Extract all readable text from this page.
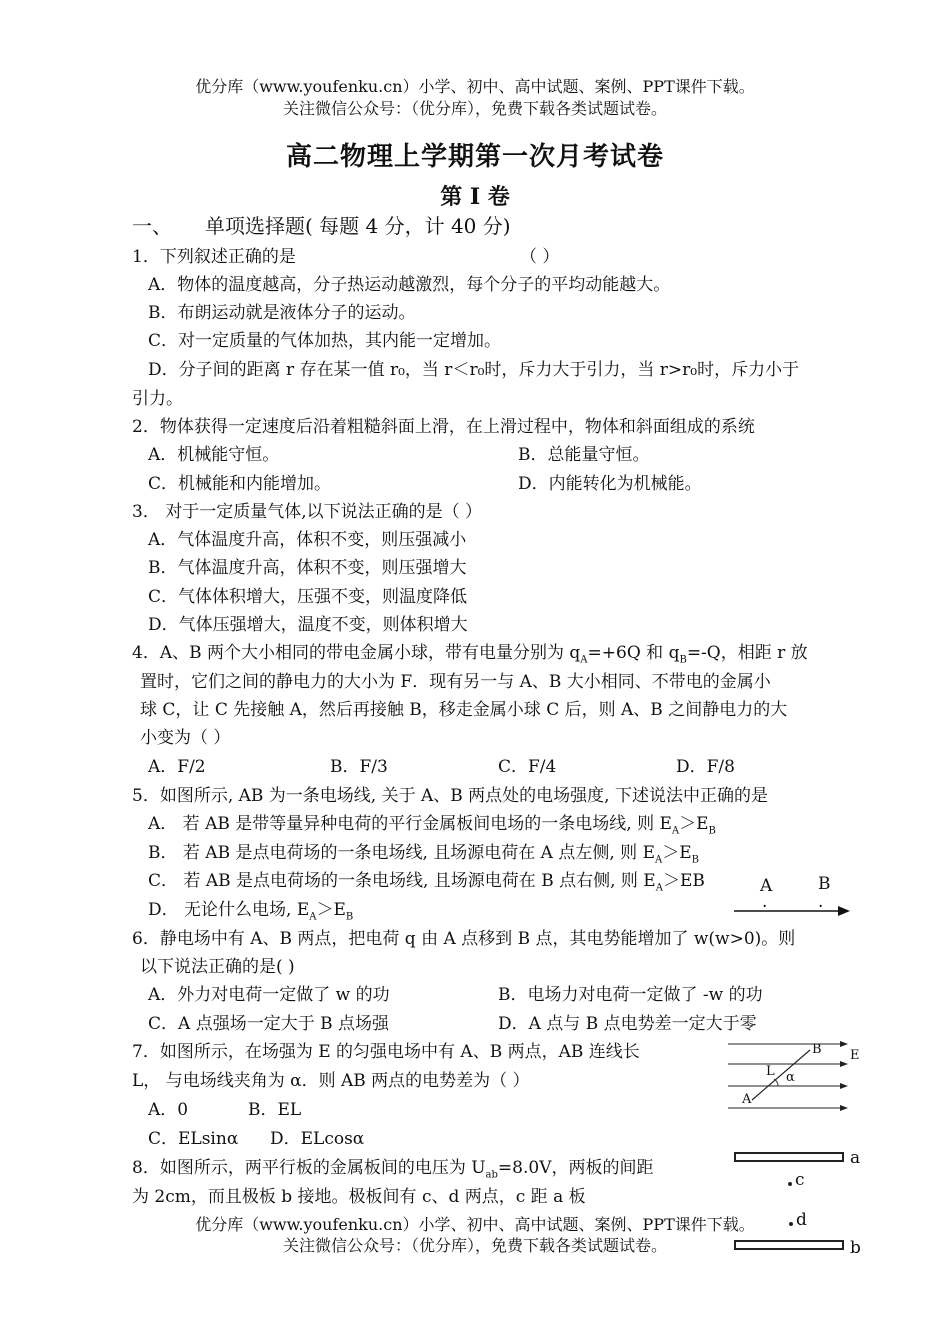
优分库（www.youfenku.cn）小学、初中、高中试题、案例、PPT课件下载。
关注微信公众号：（优分库），免费下载各类试题试卷。
高二物理上学期第一次月考试卷
第 I 卷
一、 单项选择题( 每题 4 分，计 40 分)
1．下列叙述正确的是	（ ）
A．物体的温度越高，分子热运动越激烈，每个分子的平均动能越大。
B．布朗运动就是液体分子的运动。
C．对一定质量的气体加热，其内能一定增加。
D．分子间的距离 r 存在某一值 r₀，当 r＜r₀时，斥力大于引力，当 r>r₀时，斥力小于
引力。
2．物体获得一定速度后沿着粗糙斜面上滑，在上滑过程中，物体和斜面组成的系统
A．机械能守恒。	B．总能量守恒。
C．机械能和内能增加。	D．内能转化为机械能。
3． 对于一定质量气体,以下说法正确的是（ ）
A．气体温度升高，体积不变，则压强减小
B．气体温度升高，体积不变，则压强增大
C．气体体积增大，压强不变，则温度降低
D．气体压强增大，温度不变，则体积增大
4．A、B 两个大小相同的带电金属小球，带有电量分别为 $q_A=+6Q$ 和 $q_B=-Q$，相距 r 放
置时，它们之间的静电力的大小为 F．现有另一与 A、B 大小相同、不带电的金属小
球 C，让 C 先接触 A，然后再接触 B，移走金属小球 C 后，则 A、B 之间静电力的大
小变为（ ）
A．F/2	B．F/3	C．F/4	D．F/8
5．如图所示, AB 为一条电场线, 关于 A、B 两点处的电场强度, 下述说法中正确的是
A． 若 AB 是带等量异种电荷的平行金属板间电场的一条电场线, 则 $E_A>E_B$
B． 若 AB 是点电荷场的一条电场线, 且场源电荷在 A 点左侧, 则 $E_A>E_B$
C． 若 AB 是点电荷场的一条电场线, 且场源电荷在 B 点右侧, 则 $E_A>EB$
D． 无论什么电场, $E_A>E_B$
A	B
.	.
6．静电场中有 A、B 两点，把电荷 q 由 A 点移到 B 点，其电势能增加了 w(w>0)。则
以下说法正确的是( )
A．外力对电荷一定做了 w 的功	B．电场力对电荷一定做了 -w 的功
C．A 点强场一定大于 B 点场强	D．A 点与 B 点电势差一定大于零
7．如图所示，在场强为 E 的匀强电场中有 A、B 两点，AB 连线长
L， 与电场线夹角为 α．则 AB 两点的电势差为（ ）
A．0	B．EL
C．ELsinα D．ELcosα
B E
L α
A
8．如图所示，两平行板的金属板间的电压为 $U_{ab}=8.0V$，两板的间距
为 2cm，而且极板 b 接地。极板间有 c、d 两点，c 距 a 板
a
c
d
b
优分库（www.youfenku.cn）小学、初中、高中试题、案例、PPT课件下载。
关注微信公众号：（优分库），免费下载各类试题试卷。
